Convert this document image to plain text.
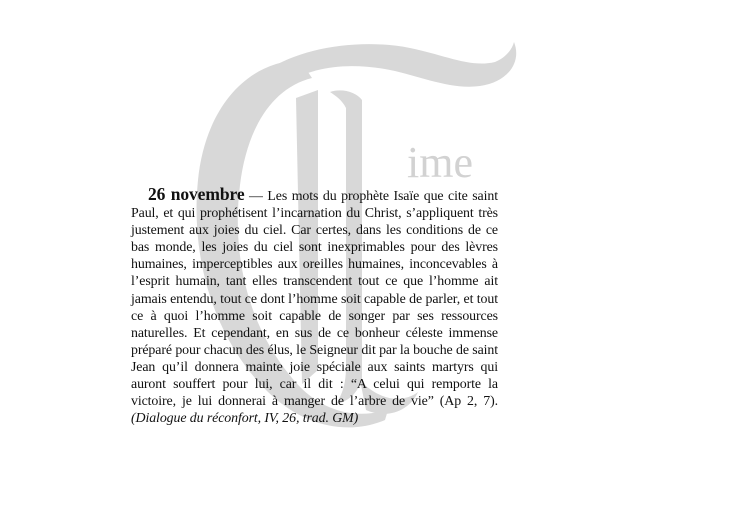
ime
26 novembre — Les mots du prophète Isaïe que cite saint Paul, et qui prophétisent l’incarnation du Christ, s’appliquent très justement aux joies du ciel. Car certes, dans les conditions de ce bas monde, les joies du ciel sont inexprimables pour des lèvres humaines, imperceptibles aux oreilles humaines, inconcevables à l’esprit humain, tant elles transcendent tout ce que l’homme ait jamais entendu, tout ce dont l’homme soit capable de parler, et tout ce à quoi l’homme soit capable de songer par ses ressources naturelles. Et cependant, en sus de ce bonheur céleste immense préparé pour chacun des élus, le Seigneur dit par la bouche de saint Jean qu’il donnera mainte joie spéciale aux saints martyrs qui auront souffert pour lui, car il dit : “A celui qui remporte la victoire, je lui donnerai à manger de l’arbre de vie” (Ap 2, 7). (Dialogue du réconfort, IV, 26, trad. GM)
